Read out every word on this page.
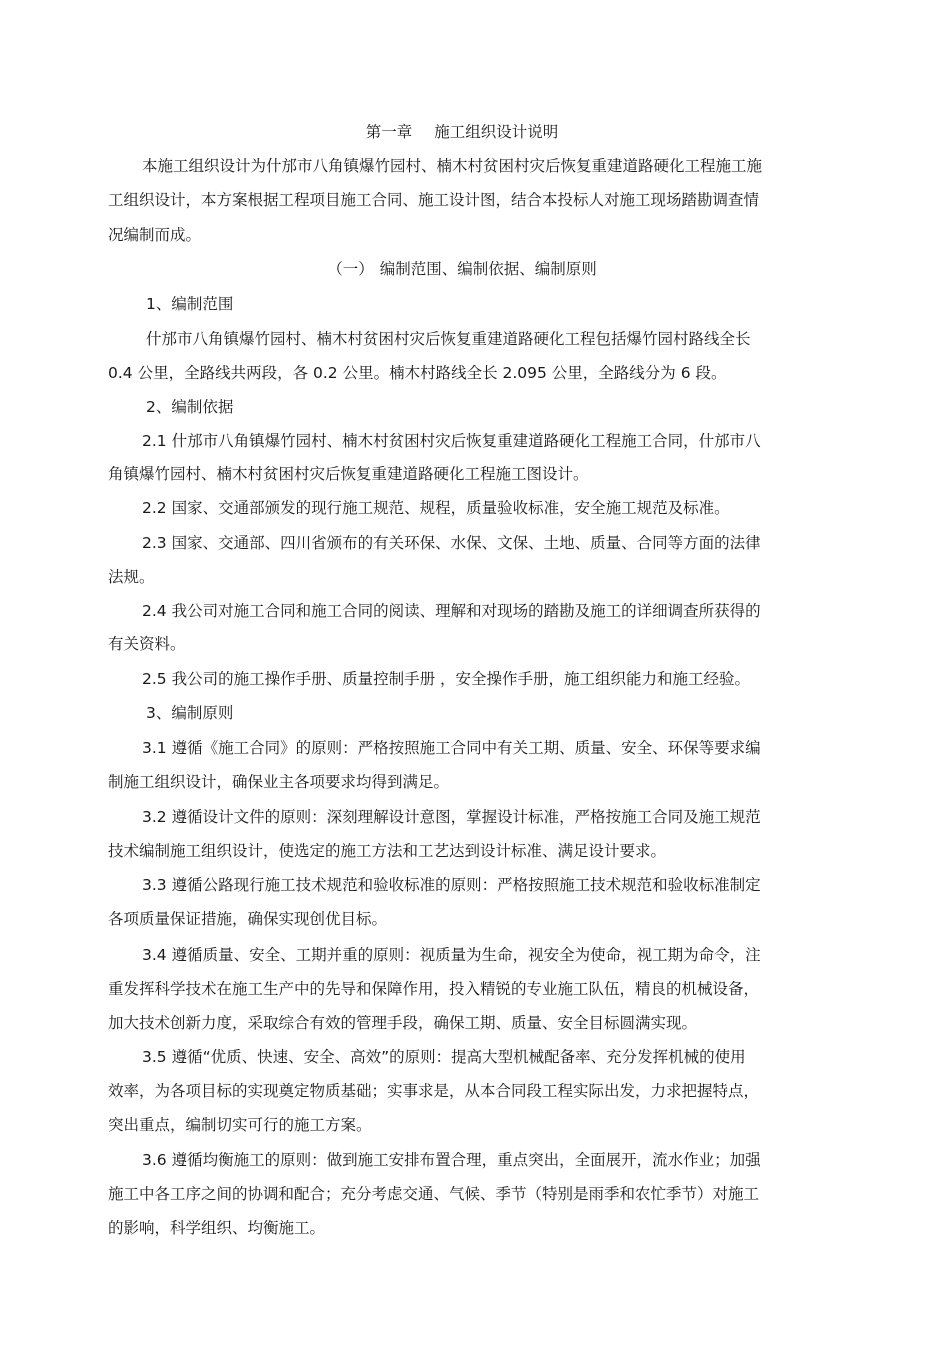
第一章 施工组织设计说明
本施工组织设计为什邡市八角镇爆竹园村、楠木村贫困村灾后恢复重建道路硬化工程施工施
工组织设计，本方案根据工程项目施工合同、施工设计图，结合本投标人对施工现场踏勘调查情
况编制而成。
（一） 编制范围、编制依据、编制原则
1、编制范围
什邡市八角镇爆竹园村、楠木村贫困村灾后恢复重建道路硬化工程包括爆竹园村路线全长
0.4 公里，全路线共两段，各 0.2 公里。楠木村路线全长 2.095 公里，全路线分为 6 段。
2、编制依据
2.1 什邡市八角镇爆竹园村、楠木村贫困村灾后恢复重建道路硬化工程施工合同，什邡市八
角镇爆竹园村、楠木村贫困村灾后恢复重建道路硬化工程施工图设计。
2.2 国家、交通部颁发的现行施工规范、规程，质量验收标准，安全施工规范及标准。
2.3 国家、交通部、四川省颁布的有关环保、水保、文保、土地、质量、合同等方面的法律
法规。
2.4 我公司对施工合同和施工合同的阅读、理解和对现场的踏勘及施工的详细调查所获得的
有关资料。
2.5 我公司的施工操作手册、质量控制手册 ，安全操作手册，施工组织能力和施工经验。
3、编制原则
3.1 遵循《施工合同》的原则：严格按照施工合同中有关工期、质量、安全、环保等要求编
制施工组织设计，确保业主各项要求均得到满足。
3.2 遵循设计文件的原则：深刻理解设计意图，掌握设计标准，严格按施工合同及施工规范
技术编制施工组织设计，使选定的施工方法和工艺达到设计标准、满足设计要求。
3.3 遵循公路现行施工技术规范和验收标准的原则：严格按照施工技术规范和验收标准制定
各项质量保证措施，确保实现创优目标。
3.4 遵循质量、安全、工期并重的原则：视质量为生命，视安全为使命，视工期为命令，注
重发挥科学技术在施工生产中的先导和保障作用，投入精锐的专业施工队伍，精良的机械设备，
加大技术创新力度，采取综合有效的管理手段，确保工期、质量、安全目标圆满实现。
3.5 遵循“优质、快速、安全、高效”的原则：提高大型机械配备率、充分发挥机械的使用
效率，为各项目标的实现奠定物质基础；实事求是，从本合同段工程实际出发，力求把握特点，
突出重点，编制切实可行的施工方案。
3.6 遵循均衡施工的原则：做到施工安排布置合理，重点突出，全面展开，流水作业；加强
施工中各工序之间的协调和配合；充分考虑交通、气候、季节（特别是雨季和农忙季节）对施工
的影响，科学组织、均衡施工。
